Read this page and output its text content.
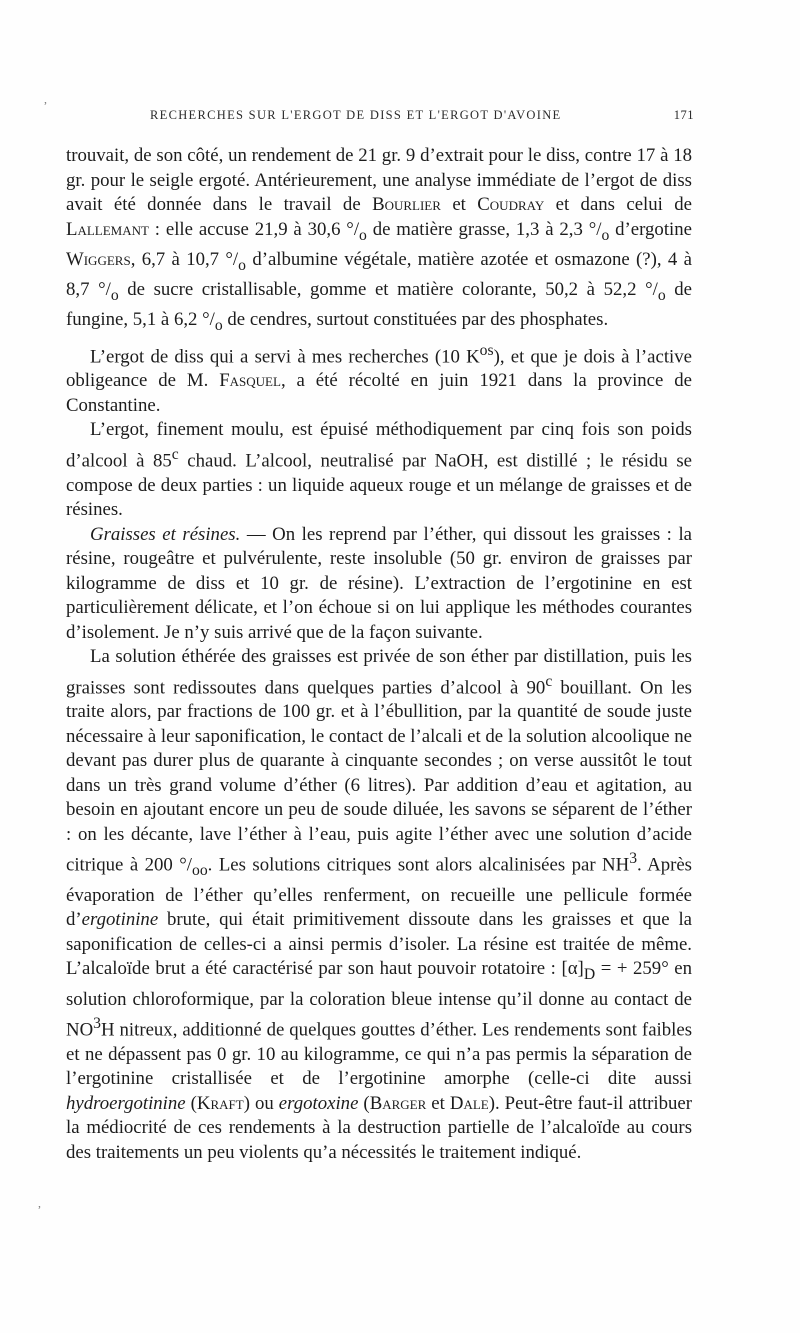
,
RECHERCHES SUR L'ERGOT DE DISS ET L'ERGOT D'AVOINE	171

trouvait, de son côté, un rendement de 21 gr. 9 d’extrait pour le diss, contre 17 à 18 gr. pour le seigle ergoté. Antérieurement, une analyse immédiate de l’ergot de diss avait été donnée dans le travail de Bourlier et Coudray et dans celui de Lallemant : elle accuse 21,9 à 30,6 $^\circ/_o$ de matière grasse, 1,3 à 2,3 $^\circ/_o$ d’ergotine Wiggers, 6,7 à 10,7 $^\circ/_o$ d’albumine végétale, matière azotée et osmazone (?), 4 à 8,7 $^\circ/_o$ de sucre cristallisable, gomme et matière colorante, 50,2 à 52,2 $^\circ/_o$ de fungine, 5,1 à 6,2 $^\circ/_o$ de cendres, surtout constituées par des phosphates.

L’ergot de diss qui a servi à mes recherches (10 $K^{os}$), et que je dois à l’active obligeance de M. Fasquel, a été récolté en juin 1921 dans la province de Constantine.

L’ergot, finement moulu, est épuisé méthodiquement par cinq fois son poids d’alcool à 85$^c$ chaud. L’alcool, neutralisé par NaOH, est distillé ; le résidu se compose de deux parties : un liquide aqueux rouge et un mélange de graisses et de résines.

Graisses et résines. — On les reprend par l’éther, qui dissout les graisses : la résine, rougeâtre et pulvérulente, reste insoluble (50 gr. environ de graisses par kilogramme de diss et 10 gr. de résine). L’extraction de l’ergotinine en est particulièrement délicate, et l’on échoue si on lui applique les méthodes courantes d’isolement. Je n’y suis arrivé que de la façon suivante.

La solution éthérée des graisses est privée de son éther par distillation, puis les graisses sont redissoutes dans quelques parties d’alcool à 90$^c$ bouillant. On les traite alors, par fractions de 100 gr. et à l’ébullition, par la quantité de soude juste nécessaire à leur saponification, le contact de l’alcali et de la solution alcoolique ne devant pas durer plus de quarante à cinquante secondes ; on verse aussitôt le tout dans un très grand volume d’éther (6 litres). Par addition d’eau et agitation, au besoin en ajoutant encore un peu de soude diluée, les savons se séparent de l’éther : on les décante, lave l’éther à l’eau, puis agite l’éther avec une solution d’acide citrique à 200 $^\circ/_{oo}$. Les solutions citriques sont alors alcalinisées par $NH^3$. Après évaporation de l’éther qu’elles renferment, on recueille une pellicule formée d’ergotinine brute, qui était primitivement dissoute dans les graisses et que la saponification de celles-ci a ainsi permis d’isoler. La résine est traitée de même. L’alcaloïde brut a été caractérisé par son haut pouvoir rotatoire : $[\alpha]_D$ = + 259° en solution chloroformique, par la coloration bleue intense qu’il donne au contact de $NO^3H$ nitreux, additionné de quelques gouttes d’éther. Les rendements sont faibles et ne dépassent pas 0 gr. 10 au kilogramme, ce qui n’a pas permis la séparation de l’ergotinine cristallisée et de l’ergotinine amorphe (celle-ci dite aussi hydroergotinine (Kraft) ou ergotoxine (Barger et Dale). Peut-être faut-il attribuer la médiocrité de ces rendements à la destruction partielle de l’alcaloïde au cours des traitements un peu violents qu’a nécessités le traitement indiqué.

,
